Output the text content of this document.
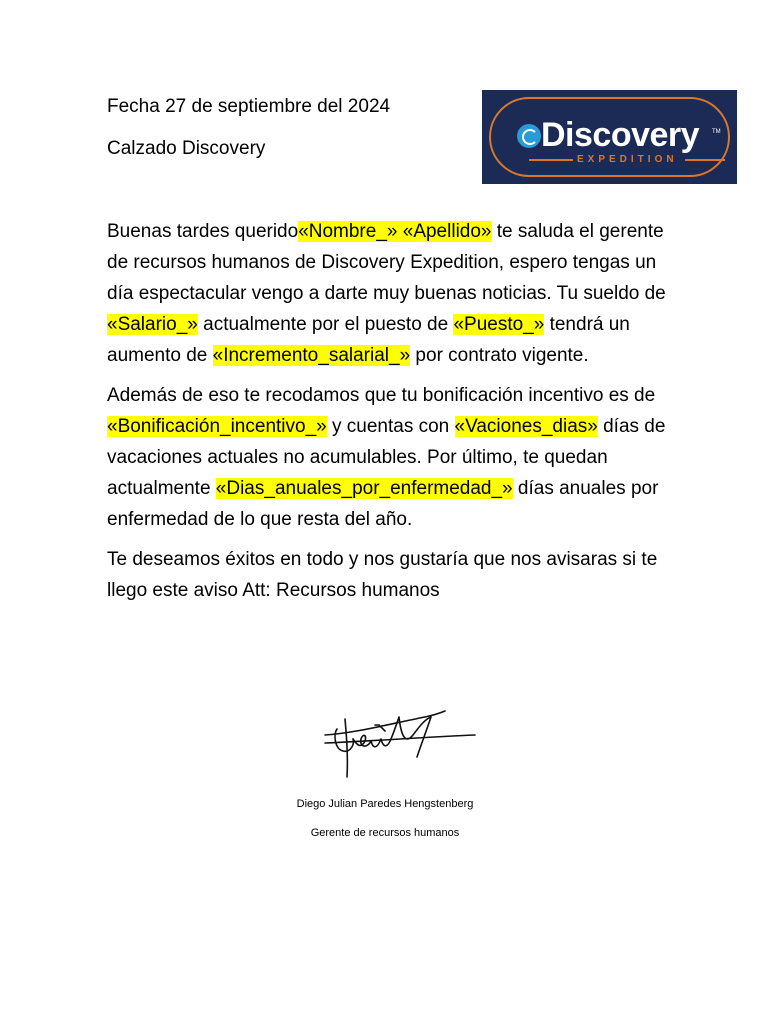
Fecha 27 de septiembre del 2024
Calzado Discovery	Discovery TM
EXPEDITION

Buenas tardes querido«Nombre_» «Apellido» te saluda el gerente de recursos humanos de Discovery Expedition, espero tengas un día espectacular vengo a darte muy buenas noticias. Tu sueldo de «Salario_» actualmente por el puesto de «Puesto_» tendrá un aumento de «Incremento_salarial_» por contrato vigente.

Además de eso te recodamos que tu bonificación incentivo es de «Bonificación_incentivo_» y cuentas con «Vaciones_dias» días de vacaciones actuales no acumulables. Por último, te quedan actualmente «Dias_anuales_por_enfermedad_» días anuales por enfermedad de lo que resta del año.

Te deseamos éxitos en todo y nos gustaría que nos avisaras si te llego este aviso Att: Recursos humanos

Diego Julian Paredes Hengstenberg
Gerente de recursos humanos
